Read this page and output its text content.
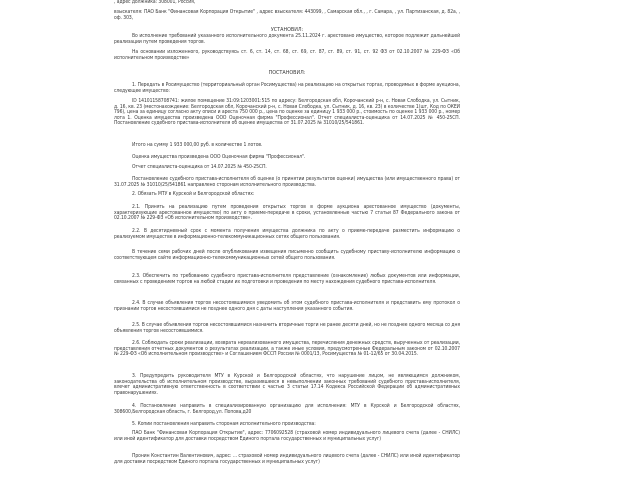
, адрес должника: 308001, Россия,
взыскателя: ПАО Банк "Финансовая Корпорация Открытие" , адрес взыскателя: 443099, , Самарская обл., , г. Самара, , ул. Партизанская, д. 82а, , оф. 303,
УСТАНОВИЛ:
Во исполнение требований указанного исполнительного документа 25.11.2024 г. арестовано имущество, которое подлежит дальнейшей реализации путем проведения торгов.
На основании изложенного, руководствуясь ст. 6, ст. 14, ст. 68, ст. 69, ст. 87, ст. 89, ст. 91, ст. 92 ФЗ от 02.10.2007 № 229-ФЗ «Об исполнительном производстве»
ПОСТАНОВИЛ:
1. Передать в Росимущество (территориальный орган Росимущества) на реализацию на открытых торгах, проводимых в форме аукциона, следующее имущество:
ID 14101158708741: жилое помещение 31:09:1203001:515 по адресу: Белгородская обл, Корочанский р-н, с. Новая Слободка, ул. Сытник, д. 16, кв. 23 (местонахождение: Белгородская обл, Корочанский р-н, с. Новая Слободка, ул. Сытник, д. 16, кв. 23) в количестве 1(шт, Код по ОКЕИ 796), цена за единицу согласно акту описи и ареста 750 000 р., цена по оценке за единицу 1 933 000 р., стоимость по оценке 1 933 000 р., номер лота 1. Оценка имущества произведена ООО Оценочная фирма "Профессионал". Отчет специалиста-оценщика от 14.07.2025 № 450-25СП. Постановление судебного пристава-исполнителя об оценке имущества от 31.07.2025 № 31010/25/541861.
Итого на сумму 1 933 000,00 руб. в количестве 1 лотов.
Оценка имущества произведена ООО Оценочная фирма "Профессионал".
Отчет специалиста-оценщика от 14.07.2025 № 450-25СП.
Постановление судебного пристава-исполнителя об оценке (о принятии результатов оценки) имущества (или имущественного права) от 31.07.2025 № 31010/25/541861 направлено сторонам исполнительного производства.
2. Обязать МТУ в Курской и Белгородской областях:
2.1. Принять на реализацию путем проведения открытых торгов в форме аукциона арестованное имущество (документы, характеризующие арестованное имущество) по акту о приеме-передаче в сроки, установленные частью 7 статьи 87 Федерального закона от 02.10.2007 № 229-ФЗ «Об исполнительном производстве».
2.2. В десятидневный срок с момента получения имущества должника по акту о приеме-передаче разместить информацию о реализуемом имуществе в информационно-телекоммуникационных сетях общего пользования.
В течение семи рабочих дней после опубликования извещения письменно сообщить судебному приставу-исполнителю информацию о соответствующем сайте информационно-телекоммуникационных сетей общего пользования.
2.3. Обеспечить по требованию судебного пристава-исполнителя представление (ознакомление) любых документов или информации, связанных с проведением торгов на любой стадии их подготовки и проведения по месту нахождения судебного пристава-исполнителя.
2.4. В случае объявления торгов несостоявшимися уведомить об этом судебного пристава-исполнителя и представить ему протокол о признании торгов несостоявшимися не позднее одного дня с даты наступления указанного события.
2.5. В случае объявления торгов несостоявшимися назначить вторичные торги не ранее десяти дней, но не позднее одного месяца со дня объявления торгов несостоявшимися.
2.6. Соблюдать сроки реализации, возврата нереализованного имущества, перечисления денежных средств, вырученных от реализации, представления отчетных документов о результатах реализации, а также иные условия, предусмотренные Федеральным законом от 02.10.2007 № 229-ФЗ «Об исполнительном производстве» и Соглашением ФССП России № 0001/13, Росимущества № 01-12/65 от 30.04.2015.
3. Предупредить руководителя МТУ в Курской и Белгородской областях, что нарушение лицом, не являющимся должником, законодательства об исполнительном производстве, выразившееся в невыполнении законных требований судебного пристава-исполнителя, влечет административную ответственность в соответствии с частью 3 статьи 17.14 Кодекса Российской Федерации об административных правонарушениях.
4. Постановление направить в специализированную организацию для исполнения: МТУ в Курской и Белгородской областях, 308600,Белгородская область, г. Белгород,ул. Попова,д20
5. Копии постановления направить сторонам исполнительного производства:
ПАО Банк "Финансовая Корпорация Открытие", адрес: 7706092528 (страховой номер индивидуального лицевого счета (далее - СНИЛС) или иной идентификатор для доставки посредством Единого портала государственных и муниципальных услуг)
Пронин Константин Валентинович, адрес: ... страховой номер индивидуального лицевого счета (далее - СНИЛС) или иной идентификатор для доставки посредством Единого портала государственных и муниципальных услуг)
